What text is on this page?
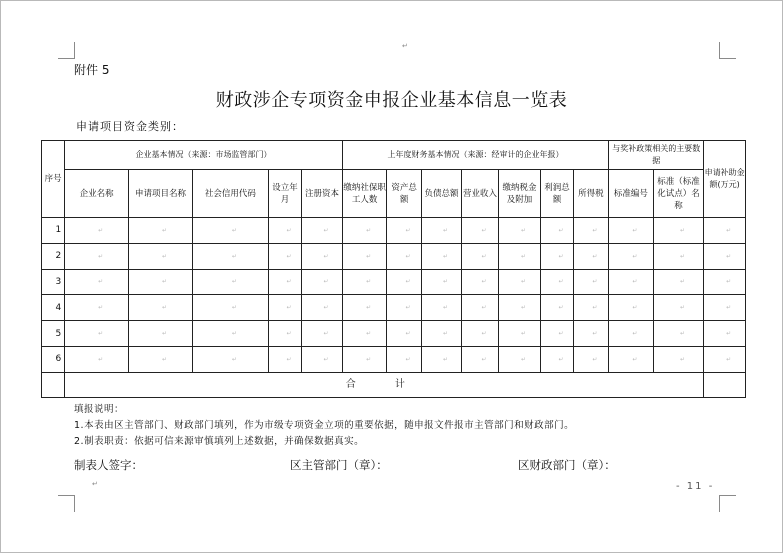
↵
↵
附件 5
财政涉企专项资金申报企业基本信息一览表
申请项目资金类别：
序号	企业基本情况（来源：市场监管部门）					上年度财务基本情况（来源：经审计的企业年报）							与奖补政策相关的主要数据		申请补助金额(万元)
	企业名称	申请项目名称	社会信用代码	设立年月	注册资本	缴纳社保职工人数	资产总额	负债总额	营业收入	缴纳税金及附加	利润总额	所得税	标准编号	标准（标准化试点）名称	
1	↵	↵	↵	↵	↵	↵	↵	↵	↵	↵	↵	↵	↵	↵	↵
2	↵	↵	↵	↵	↵	↵	↵	↵	↵	↵	↵	↵	↵	↵	↵
3	↵	↵	↵	↵	↵	↵	↵	↵	↵	↵	↵	↵	↵	↵	↵
4	↵	↵	↵	↵	↵	↵	↵	↵	↵	↵	↵	↵	↵	↵	↵
5	↵	↵	↵	↵	↵	↵	↵	↵	↵	↵	↵	↵	↵	↵	↵
6	↵	↵	↵	↵	↵	↵	↵	↵	↵	↵	↵	↵	↵	↵	↵
	合 计														
填报说明：
1.本表由区主管部门、财政部门填列，作为市级专项资金立项的重要依据，随申报文件报市主管部门和财政部门。
2.制表职责：依据可信来源审慎填列上述数据，并确保数据真实。
制表人签字：	区主管部门（章）：	区财政部门（章）：
- 11 -
